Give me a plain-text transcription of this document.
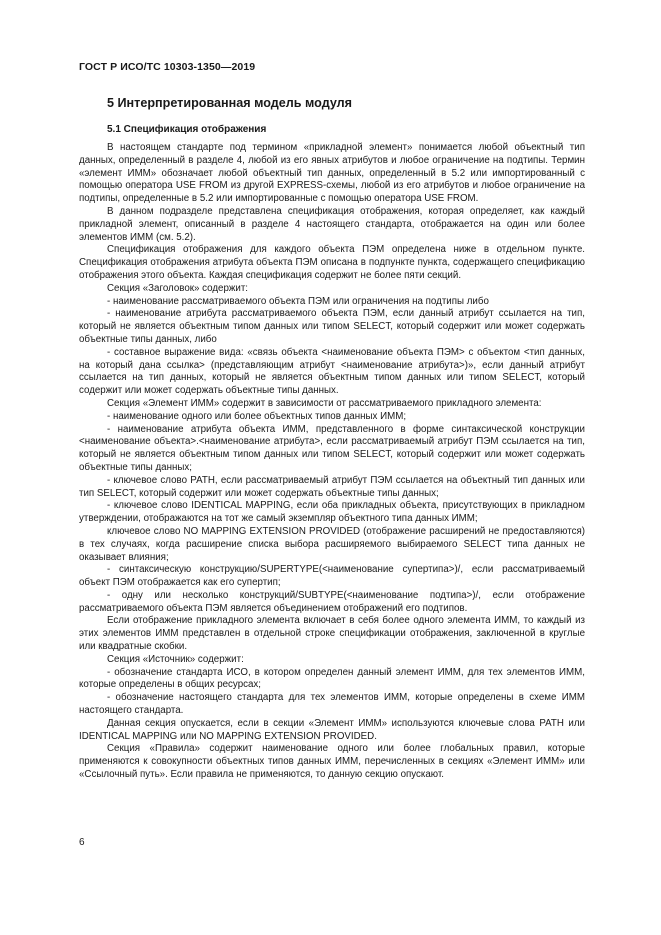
ГОСТ Р ИСО/ТС 10303-1350—2019
5 Интерпретированная модель модуля
5.1 Спецификация отображения

В настоящем стандарте под термином «прикладной элемент» понимается любой объектный тип данных, определенный в разделе 4, любой из его явных атрибутов и любое ограничение на подтипы. Термин «элемент ИММ» обозначает любой объектный тип данных, определенный в 5.2 или импортированный с помощью оператора USE FROM из другой EXPRESS-схемы, любой из его атрибутов и любое ограничение на подтипы, определенные в 5.2 или импортированные с помощью оператора USE FROM.

В данном подразделе представлена спецификация отображения, которая определяет, как каждый прикладной элемент, описанный в разделе 4 настоящего стандарта, отображается на один или более элементов ИММ (см. 5.2).

Спецификация отображения для каждого объекта ПЭМ определена ниже в отдельном пункте. Спецификация отображения атрибута объекта ПЭМ описана в подпункте пункта, содержащего спецификацию отображения этого объекта. Каждая спецификация содержит не более пяти секций.

Секция «Заголовок» содержит:

- наименование рассматриваемого объекта ПЭМ или ограничения на подтипы либо

- наименование атрибута рассматриваемого объекта ПЭМ, если данный атрибут ссылается на тип, который не является объектным типом данных или типом SELECT, который содержит или может содержать объектные типы данных, либо

- составное выражение вида: «связь объекта <наименование объекта ПЭМ> с объектом <тип данных, на который дана ссылка> (представляющим атрибут <наименование атрибута>)», если данный атрибут ссылается на тип данных, который не является объектным типом данных или типом SELECT, который содержит или может содержать объектные типы данных.

Секция «Элемент ИММ» содержит в зависимости от рассматриваемого прикладного элемента:

- наименование одного или более объектных типов данных ИММ;

- наименование атрибута объекта ИММ, представленного в форме синтаксической конструкции <наименование объекта>.<наименование атрибута>, если рассматриваемый атрибут ПЭМ ссылается на тип, который не является объектным типом данных или типом SELECT, который содержит или может содержать объектные типы данных;

- ключевое слово PATH, если рассматриваемый атрибут ПЭМ ссылается на объектный тип данных или тип SELECT, который содержит или может содержать объектные типы данных;

- ключевое слово IDENTICAL MAPPING, если оба прикладных объекта, присутствующих в прикладном утверждении, отображаются на тот же самый экземпляр объектного типа данных ИММ;

ключевое слово NO MAPPING EXTENSION PROVIDED (отображение расширений не предоставляются) в тех случаях, когда расширение списка выбора расширяемого выбираемого SELECT типа данных не оказывает влияния;

- синтаксическую конструкцию/SUPERTYPE(<наименование супертипа>)/, если рассматриваемый объект ПЭМ отображается как его супертип;

- одну или несколько конструкций/SUBTYPE(<наименование подтипа>)/, если отображение рассматриваемого объекта ПЭМ является объединением отображений его подтипов.

Если отображение прикладного элемента включает в себя более одного элемента ИММ, то каждый из этих элементов ИММ представлен в отдельной строке спецификации отображения, заключенной в круглые или квадратные скобки.

Секция «Источник» содержит:

- обозначение стандарта ИСО, в котором определен данный элемент ИММ, для тех элементов ИММ, которые определены в общих ресурсах;

- обозначение настоящего стандарта для тех элементов ИММ, которые определены в схеме ИММ настоящего стандарта.

Данная секция опускается, если в секции «Элемент ИММ» используются ключевые слова PATH или IDENTICAL MAPPING или NO MAPPING EXTENSION PROVIDED.

Секция «Правила» содержит наименование одного или более глобальных правил, которые применяются к совокупности объектных типов данных ИММ, перечисленных в секциях «Элемент ИММ» или «Ссылочный путь». Если правила не применяются, то данную секцию опускают.

6
